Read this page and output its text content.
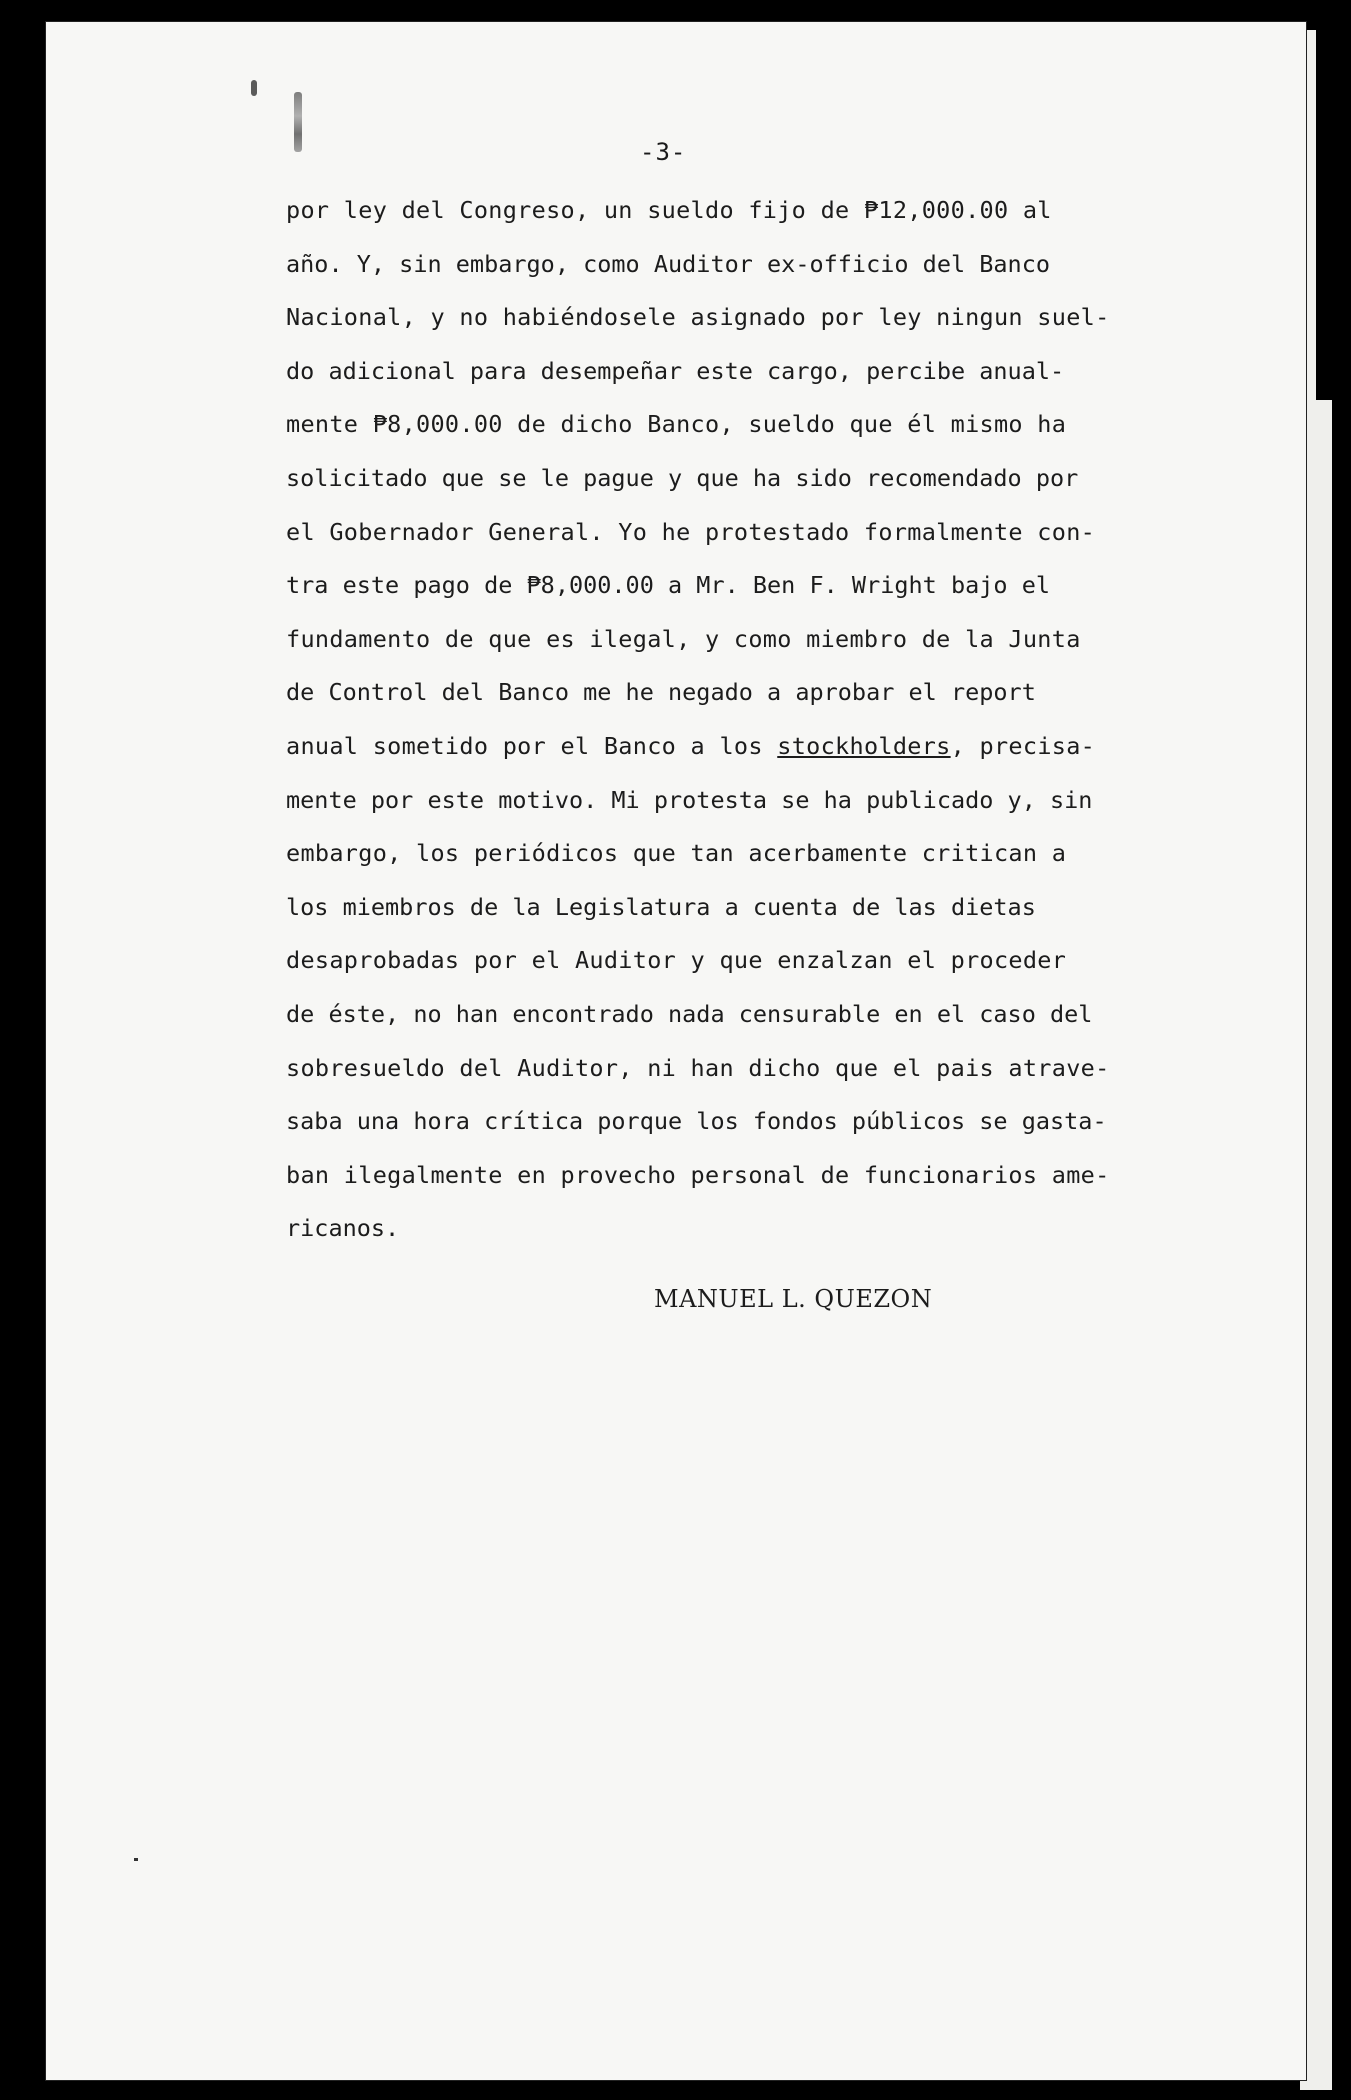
-3-
por ley del Congreso, un sueldo fijo de ₱12,000.00 al
año. Y, sin embargo, como Auditor ex-officio del Banco
Nacional, y no habiéndosele asignado por ley ningun suel-
do adicional para desempeñar este cargo, percibe anual-
mente ₱8,000.00 de dicho Banco, sueldo que él mismo ha
solicitado que se le pague y que ha sido recomendado por
el Gobernador General. Yo he protestado formalmente con-
tra este pago de ₱8,000.00 a Mr. Ben F. Wright bajo el
fundamento de que es ilegal, y como miembro de la Junta
de Control del Banco me he negado a aprobar el report
anual sometido por el Banco a los stockholders, precisa-
mente por este motivo. Mi protesta se ha publicado y, sin
embargo, los periódicos que tan acerbamente critican a
los miembros de la Legislatura a cuenta de las dietas
desaprobadas por el Auditor y que enzalzan el proceder
de éste, no han encontrado nada censurable en el caso del
sobresueldo del Auditor, ni han dicho que el pais atrave-
saba una hora crítica porque los fondos públicos se gasta-
ban ilegalmente en provecho personal de funcionarios ame-
ricanos.
MANUEL L. QUEZON
